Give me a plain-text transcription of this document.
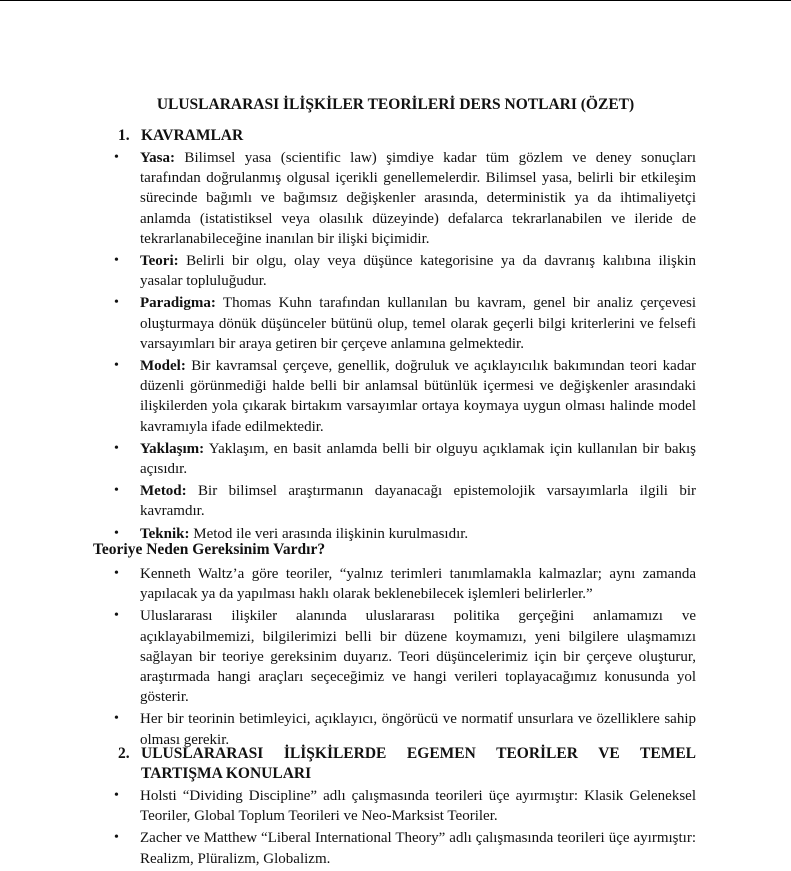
ULUSLARARASI İLİŞKİLER TEORİLERİ DERS NOTLARI (ÖZET)
1. KAVRAMLAR
• Yasa: Bilimsel yasa (scientific law) şimdiye kadar tüm gözlem ve deney sonuçları tarafından doğrulanmış olgusal içerikli genellemelerdir. Bilimsel yasa, belirli bir etkileşim sürecinde bağımlı ve bağımsız değişkenler arasında, deterministik ya da ihtimaliyetçi anlamda (istatistiksel veya olasılık düzeyinde) defalarca tekrarlanabilen ve ileride de tekrarlanabileceğine inanılan bir ilişki biçimidir.
• Teori: Belirli bir olgu, olay veya düşünce kategorisine ya da davranış kalıbına ilişkin yasalar topluluğudur.
• Paradigma: Thomas Kuhn tarafından kullanılan bu kavram, genel bir analiz çerçevesi oluşturmaya dönük düşünceler bütünü olup, temel olarak geçerli bilgi kriterlerini ve felsefi varsayımları bir araya getiren bir çerçeve anlamına gelmektedir.
• Model: Bir kavramsal çerçeve, genellik, doğruluk ve açıklayıcılık bakımından teori kadar düzenli görünmediği halde belli bir anlamsal bütünlük içermesi ve değişkenler arasındaki ilişkilerden yola çıkarak birtakım varsayımlar ortaya koymaya uygun olması halinde model kavramıyla ifade edilmektedir.
• Yaklaşım: Yaklaşım, en basit anlamda belli bir olguyu açıklamak için kullanılan bir bakış açısıdır.
• Metod: Bir bilimsel araştırmanın dayanacağı epistemolojik varsayımlarla ilgili bir kavramdır.
• Teknik: Metod ile veri arasında ilişkinin kurulmasıdır.
Teoriye Neden Gereksinim Vardır?
• Kenneth Waltz’a göre teoriler, “yalnız terimleri tanımlamakla kalmazlar; aynı zamanda yapılacak ya da yapılması haklı olarak beklenebilecek işlemleri belirlerler.”
• Uluslararası ilişkiler alanında uluslararası politika gerçeğini anlamamızı ve açıklayabilmemizi, bilgilerimizi belli bir düzene koymamızı, yeni bilgilere ulaşmamızı sağlayan bir teoriye gereksinim duyarız. Teori düşüncelerimiz için bir çerçeve oluşturur, araştırmada hangi araçları seçeceğimiz ve hangi verileri toplayacağımız konusunda yol gösterir.
• Her bir teorinin betimleyici, açıklayıcı, öngörücü ve normatif unsurlara ve özelliklere sahip olması gerekir.
2. ULUSLARARASI İLİŞKİLERDE EGEMEN TEORİLER VE TEMEL
TARTIŞMA KONULARI
• Holsti “Dividing Discipline” adlı çalışmasında teorileri üçe ayırmıştır: Klasik Geleneksel Teoriler, Global Toplum Teorileri ve Neo-Marksist Teoriler.
• Zacher ve Matthew “Liberal International Theory” adlı çalışmasında teorileri üçe ayırmıştır: Realizm, Plüralizm, Globalizm.
